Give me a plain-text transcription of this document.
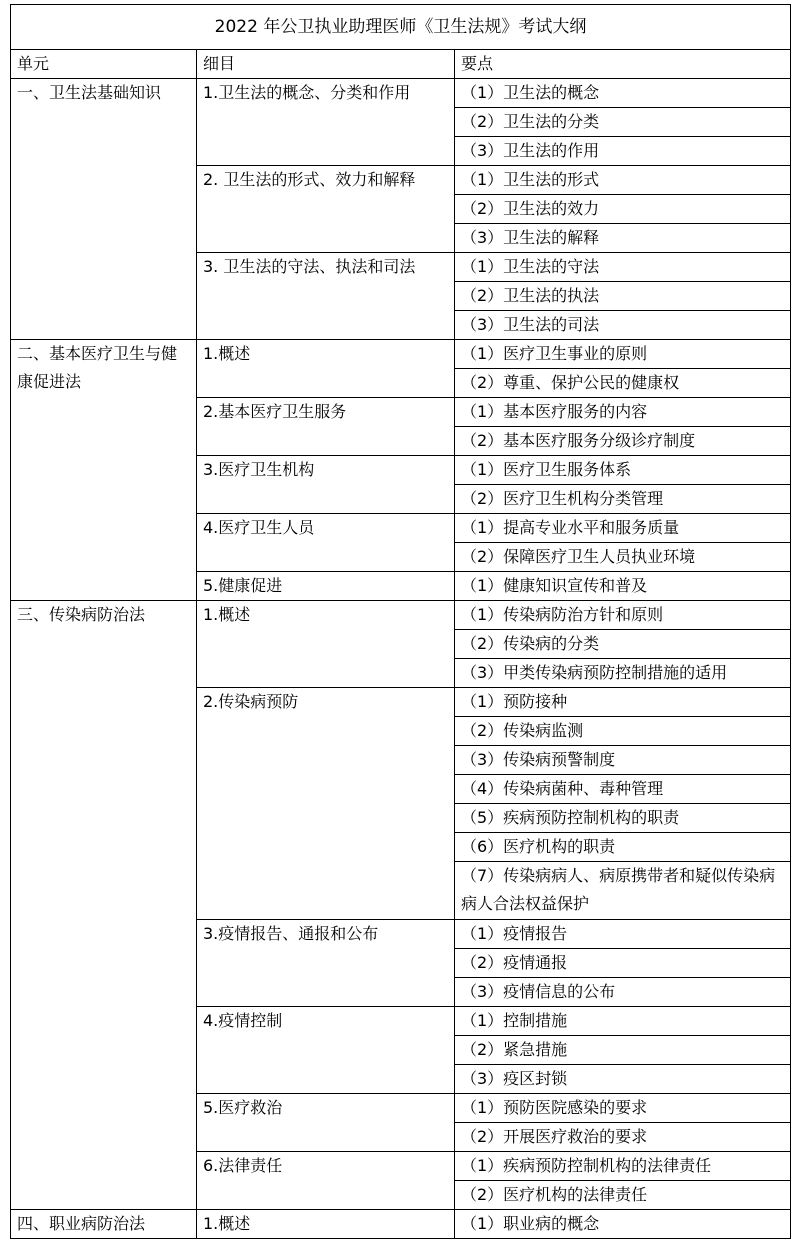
2022 年公卫执业助理医师《卫生法规》考试大纲		
单元	细目	要点
一、卫生法基础知识	1.卫生法的概念、分类和作用	（1）卫生法的概念
		（2）卫生法的分类
		（3）卫生法的作用
	2. 卫生法的形式、效力和解释	（1）卫生法的形式
		（2）卫生法的效力
		（3）卫生法的解释
	3. 卫生法的守法、执法和司法	（1）卫生法的守法
		（2）卫生法的执法
		（3）卫生法的司法
二、基本医疗卫生与健康促进法	1.概述	（1）医疗卫生事业的原则
		（2）尊重、保护公民的健康权
	2.基本医疗卫生服务	（1）基本医疗服务的内容
		（2）基本医疗服务分级诊疗制度
	3.医疗卫生机构	（1）医疗卫生服务体系
		（2）医疗卫生机构分类管理
	4.医疗卫生人员	（1）提高专业水平和服务质量
		（2）保障医疗卫生人员执业环境
	5.健康促进	（1）健康知识宣传和普及
三、传染病防治法	1.概述	（1）传染病防治方针和原则
		（2）传染病的分类
		（3）甲类传染病预防控制措施的适用
	2.传染病预防	（1）预防接种
		（2）传染病监测
		（3）传染病预警制度
		（4）传染病菌种、毒种管理
		（5）疾病预防控制机构的职责
		（6）医疗机构的职责
		（7）传染病病人、病原携带者和疑似传染病病人合法权益保护
	3.疫情报告、通报和公布	（1）疫情报告
		（2）疫情通报
		（3）疫情信息的公布
	4.疫情控制	（1）控制措施
		（2）紧急措施
		（3）疫区封锁
	5.医疗救治	（1）预防医院感染的要求
		（2）开展医疗救治的要求
	6.法律责任	（1）疾病预防控制机构的法律责任
		（2）医疗机构的法律责任
四、职业病防治法	1.概述	（1）职业病的概念
